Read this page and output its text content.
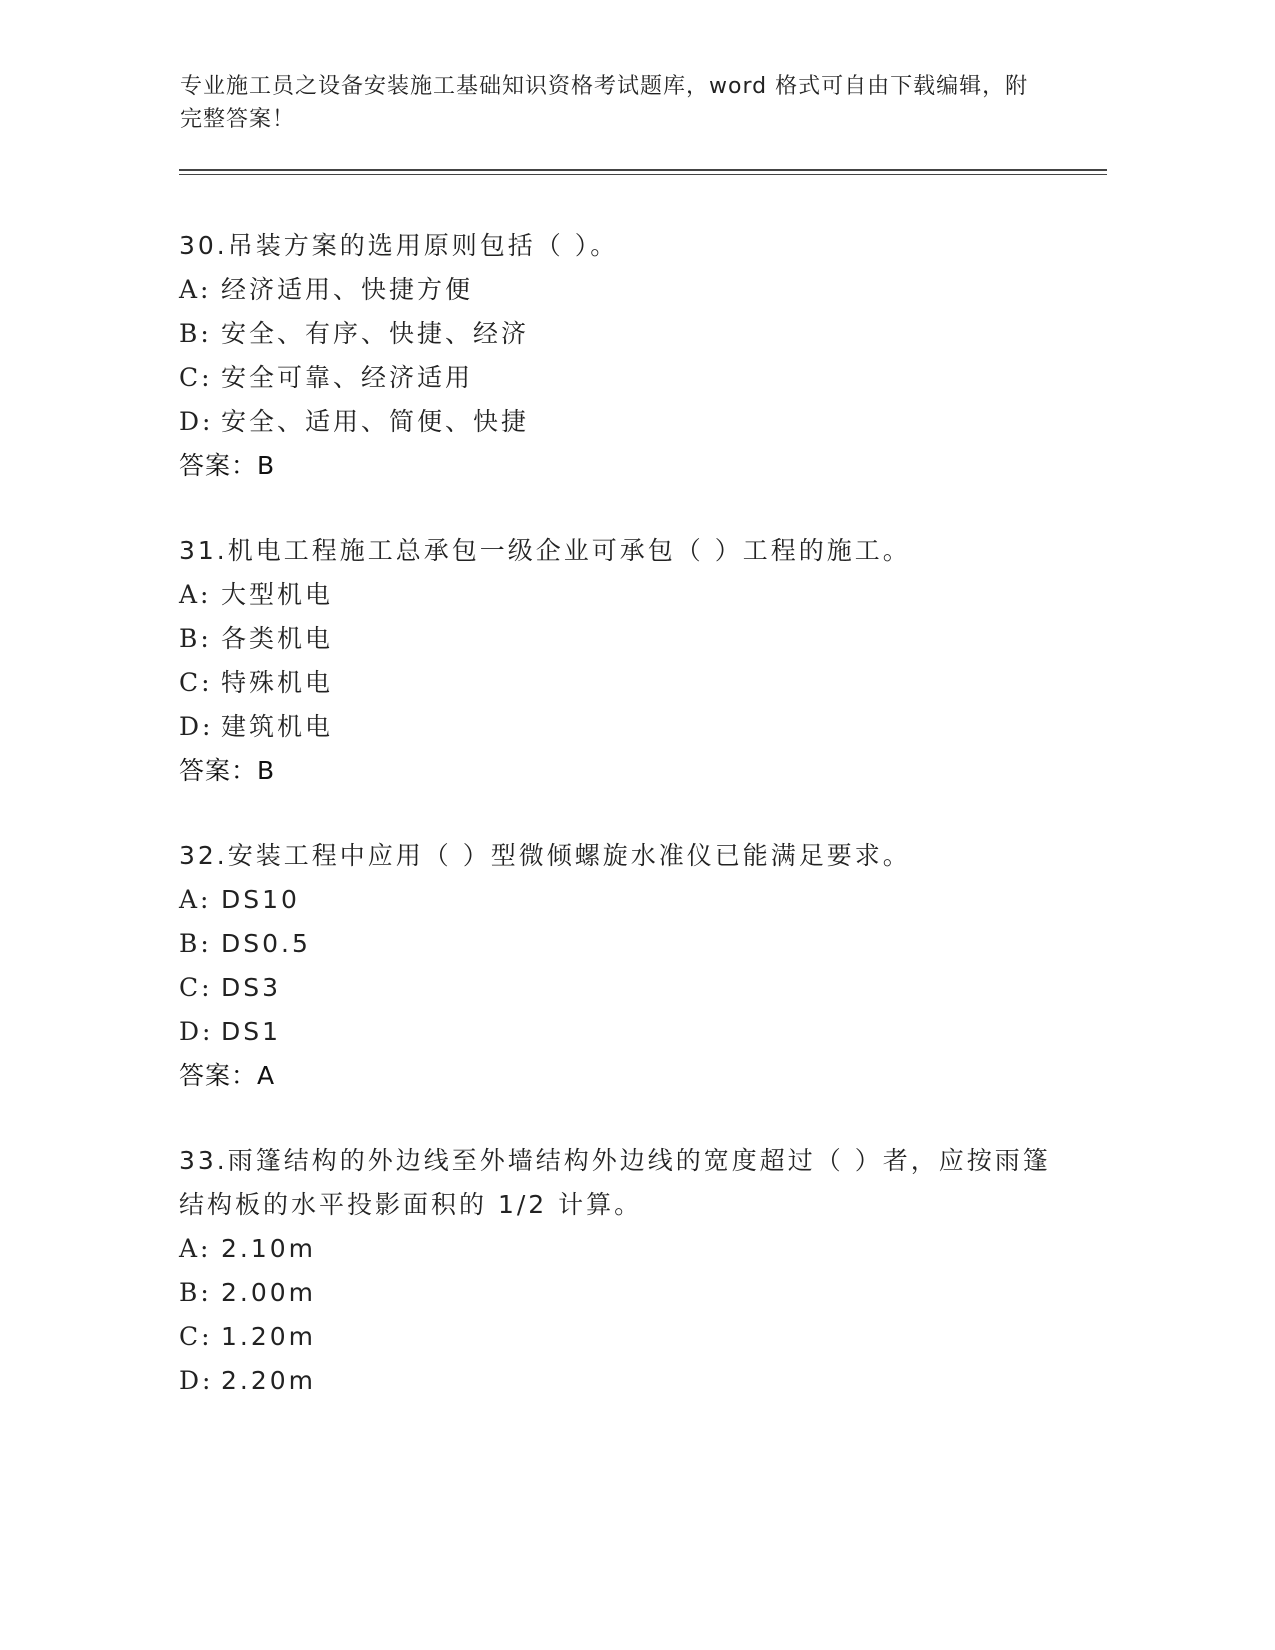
专业施工员之设备安装施工基础知识资格考试题库，word 格式可自由下载编辑，附完整答案！

30.吊装方案的选用原则包括（ ）。

A: 经济适用、快捷方便

B: 安全、有序、快捷、经济

C: 安全可靠、经济适用

D: 安全、适用、简便、快捷

答案：B

31.机电工程施工总承包一级企业可承包（ ）工程的施工。

A: 大型机电

B: 各类机电

C: 特殊机电

D: 建筑机电

答案：B

32.安装工程中应用（ ）型微倾螺旋水准仪已能满足要求。

A: DS10

B: DS0.5

C: DS3

D: DS1

答案：A

33.雨篷结构的外边线至外墙结构外边线的宽度超过（ ）者，应按雨篷结构板的水平投影面积的 1/2 计算。

A: 2.10m

B: 2.00m

C: 1.20m

D: 2.20m
